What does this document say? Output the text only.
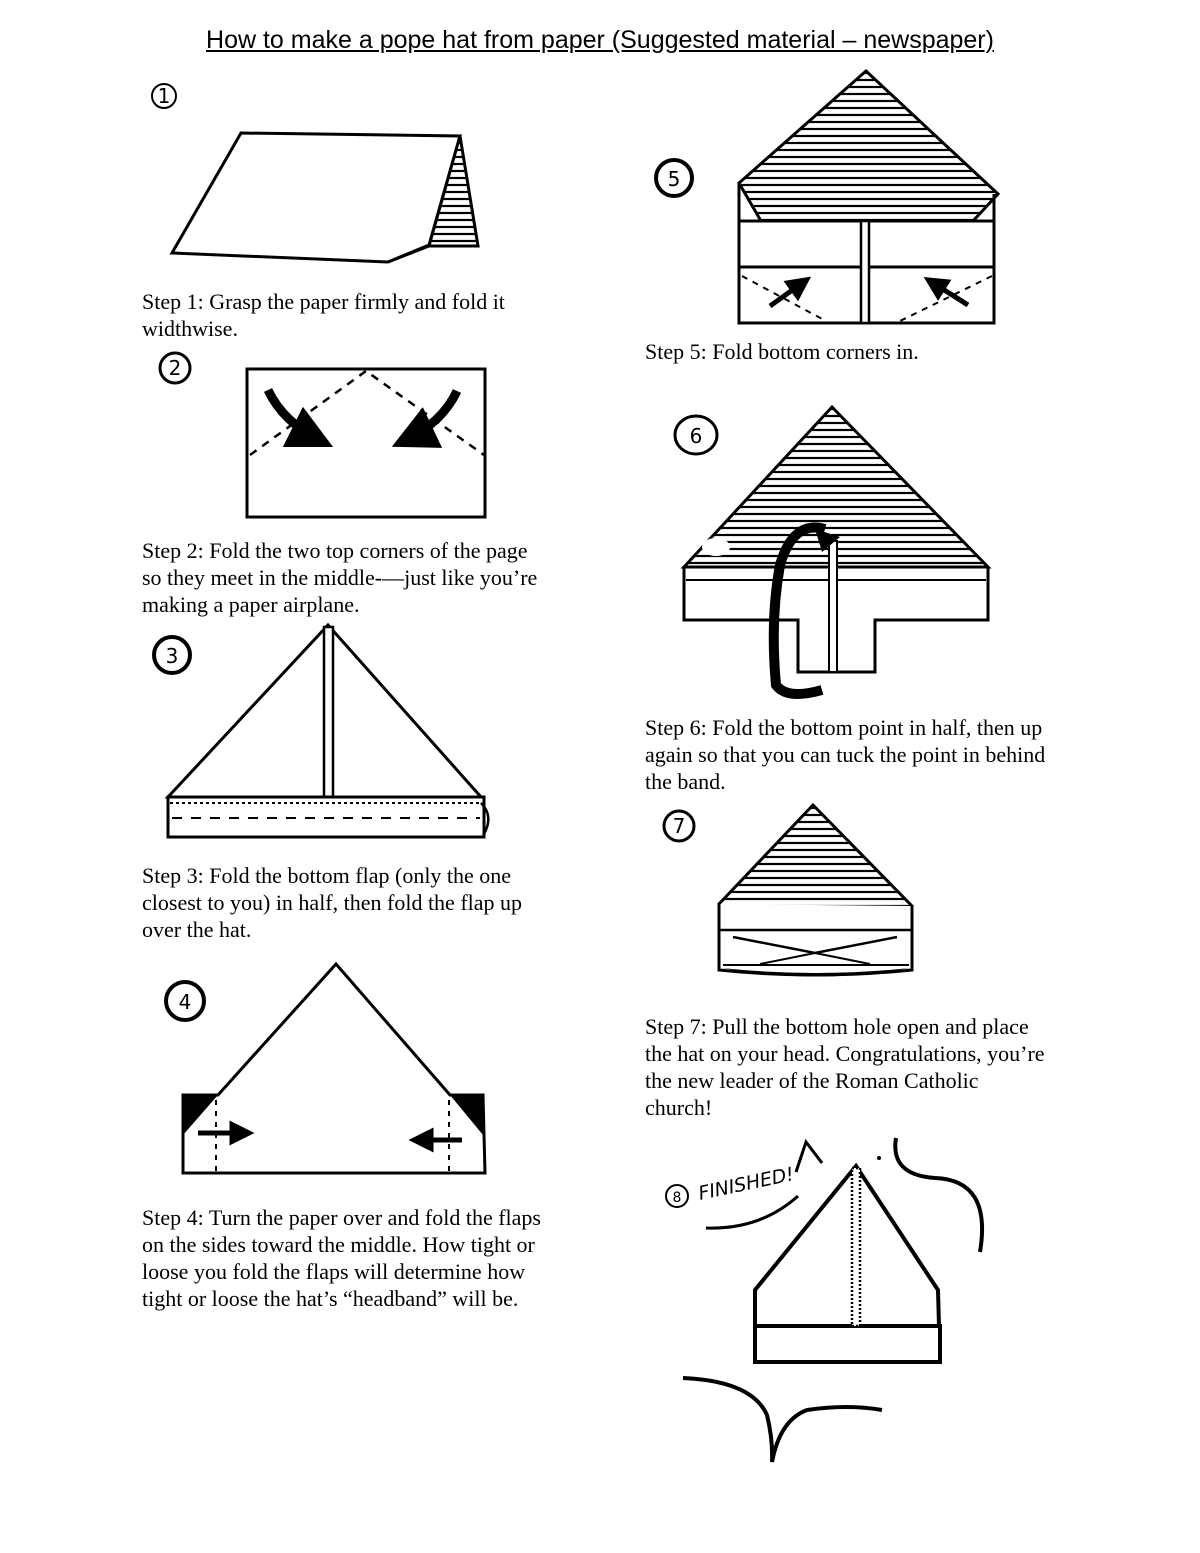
How to make a pope hat from paper (Suggested material – newspaper)
1
2
3
4
5
6
7
8 FINISHED!
Step 1: Grasp the paper firmly and fold it
widthwise.
Step 2: Fold the two top corners of the page
so they meet in the middle-—just like you’re
making a paper airplane.
Step 3: Fold the bottom flap (only the one
closest to you) in half, then fold the flap up
over the hat.
Step 4: Turn the paper over and fold the flaps
on the sides toward the middle. How tight or
loose you fold the flaps will determine how
tight or loose the hat’s “headband” will be.
Step 5: Fold bottom corners in.
Step 6: Fold the bottom point in half, then up
again so that you can tuck the point in behind
the band.
Step 7: Pull the bottom hole open and place
the hat on your head. Congratulations, you’re
the new leader of the Roman Catholic
church!
